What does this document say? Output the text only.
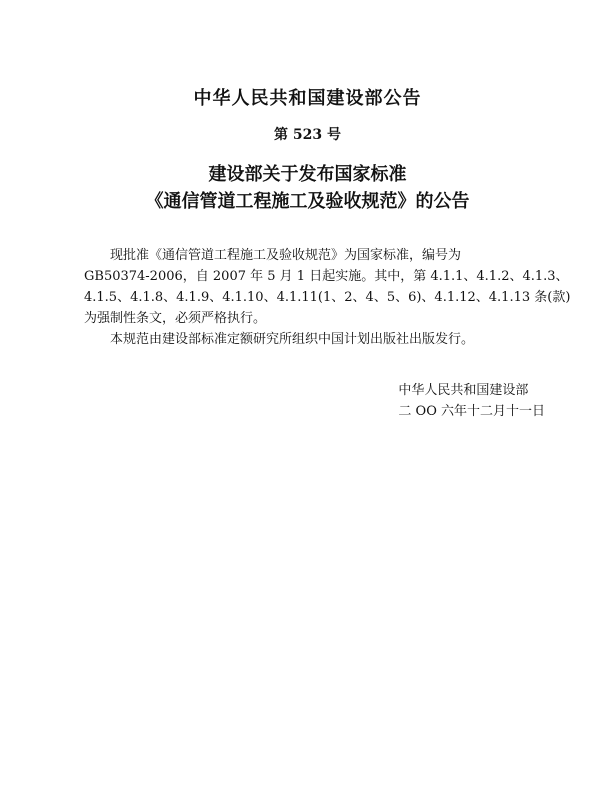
中华人民共和国建设部公告
第 523 号
建设部关于发布国家标准
《通信管道工程施工及验收规范》的公告
现批准《通信管道工程施工及验收规范》为国家标准，编号为
GB50374-2006，自 2007 年 5 月 1 日起实施。其中，第 4.1.1、4.1.2、4.1.3、
4.1.5、4.1.8、4.1.9、4.1.10、4.1.11(1、2、4、5、6)、4.1.12、4.1.13 条(款)
为强制性条文，必须严格执行。
本规范由建设部标准定额研究所组织中国计划出版社出版发行。
中华人民共和国建设部
二 OO 六年十二月十一日
